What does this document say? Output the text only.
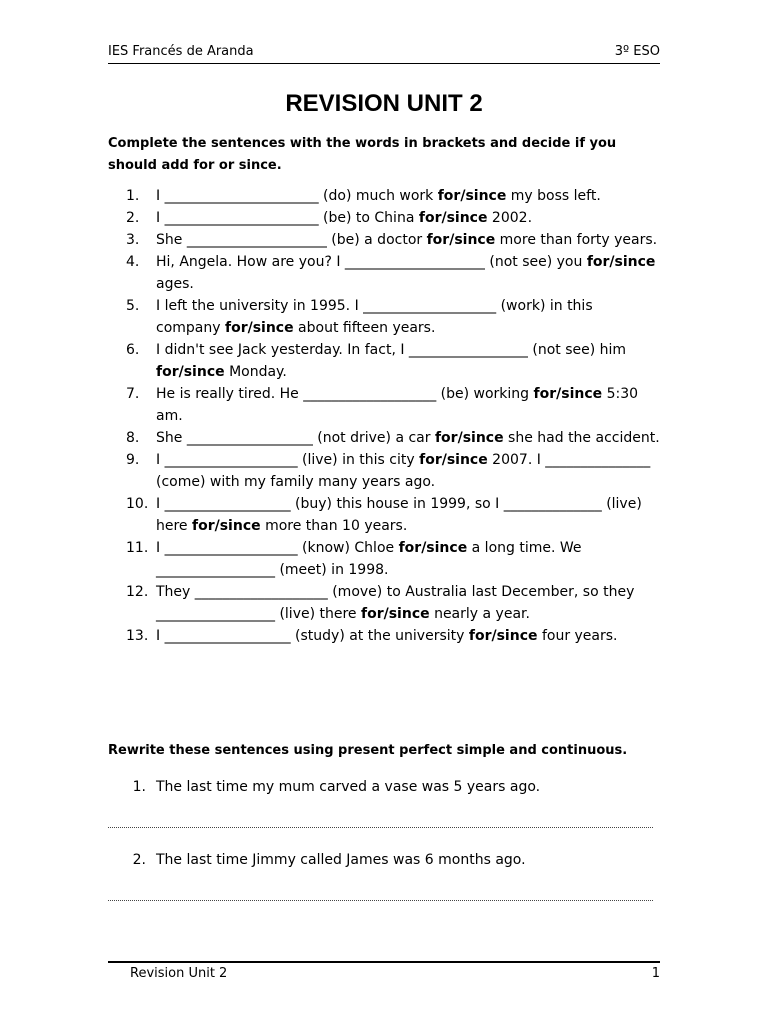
IES Francés de Aranda	3º ESO
REVISION UNIT 2
Complete the sentences with the words in brackets and decide if you should add for or since.
1.	I ______________________ (do) much work for/since my boss left.
2.	I ______________________ (be) to China for/since 2002.
3.	She ____________________ (be) a doctor for/since more than forty years.
4.	Hi, Angela. How are you? I ____________________ (not see) you for/since ages.
5.	I left the university in 1995. I ___________________ (work) in this company for/since about fifteen years.
6.	I didn't see Jack yesterday. In fact, I _________________ (not see) him for/since Monday.
7.	He is really tired. He ___________________ (be) working for/since 5:30 am.
8.	She __________________ (not drive) a car for/since she had the accident.
9.	I ___________________ (live) in this city for/since 2007. I _______________ (come) with my family many years ago.
10. I __________________ (buy) this house in 1999, so I ______________ (live) here for/since more than 10 years.
11. I ___________________ (know) Chloe for/since a long time. We _________________ (meet) in 1998.
12. They ___________________ (move) to Australia last December, so they _________________ (live) there for/since nearly a year.
13. I __________________ (study) at the university for/since four years.
Rewrite these sentences using present perfect simple and continuous.
1. The last time my mum carved a vase was 5 years ago.
2. The last time Jimmy called James was 6 months ago.
Revision Unit 2	1
